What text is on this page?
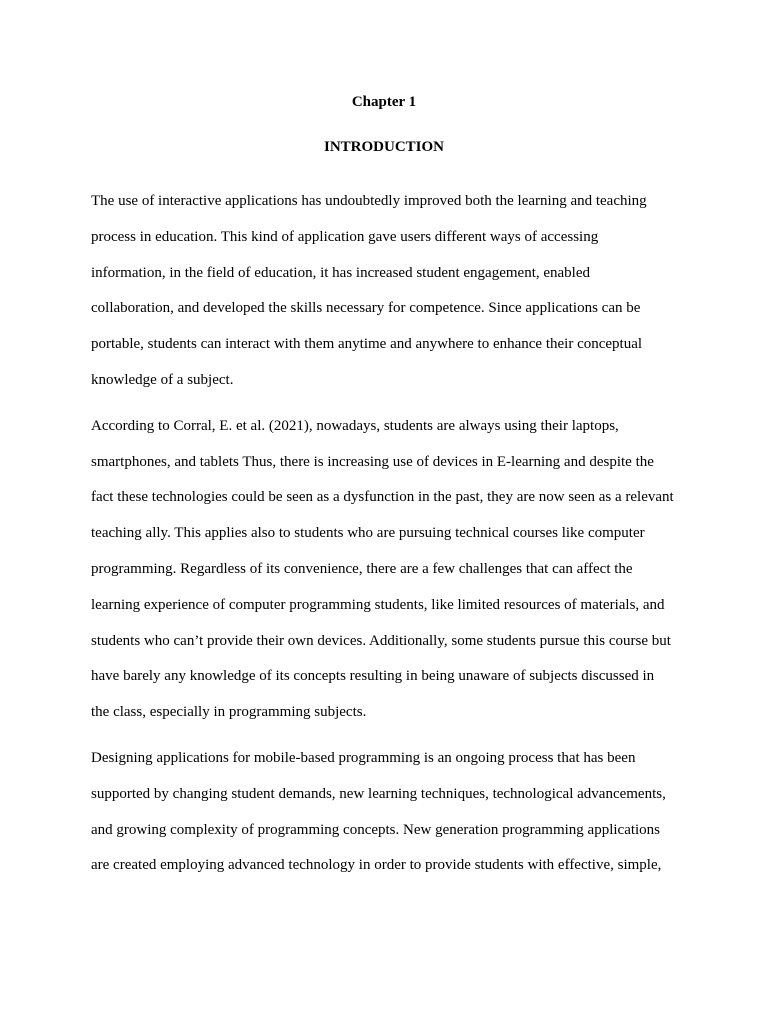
Chapter 1
INTRODUCTION

The use of interactive applications has undoubtedly improved both the learning and teaching
process in education. This kind of application gave users different ways of accessing
information, in the field of education, it has increased student engagement, enabled
collaboration, and developed the skills necessary for competence. Since applications can be
portable, students can interact with them anytime and anywhere to enhance their conceptual
knowledge of a subject.

According to Corral, E. et al. (2021), nowadays, students are always using their laptops,
smartphones, and tablets Thus, there is increasing use of devices in E-learning and despite the
fact these technologies could be seen as a dysfunction in the past, they are now seen as a relevant
teaching ally. This applies also to students who are pursuing technical courses like computer
programming. Regardless of its convenience, there are a few challenges that can affect the
learning experience of computer programming students, like limited resources of materials, and
students who can’t provide their own devices. Additionally, some students pursue this course but
have barely any knowledge of its concepts resulting in being unaware of subjects discussed in
the class, especially in programming subjects.

Designing applications for mobile-based programming is an ongoing process that has been
supported by changing student demands, new learning techniques, technological advancements,
and growing complexity of programming concepts. New generation programming applications
are created employing advanced technology in order to provide students with effective, simple,
